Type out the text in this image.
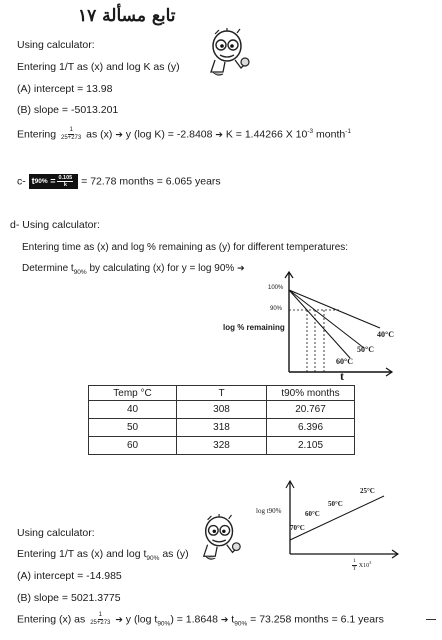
تابع مسألة ١٧
Using calculator:
Entering 1/T as (x) and log K as (y)
(A) intercept = 13.98
(B) slope = -5013.201
Entering $\frac{1}{25+273}$ as (x) ➔ y (log K) = -2.8408 ➔ K = 1.44266 X $10^{-3}$ month$^{-1}$
c- t 90%
= $\frac{0.105}{k} = 72.78$ months = 6.065 years
d- Using calculator:
Entering time as (x) and log % remaining as (y) for different temperatures:
Determine $t_{90\%}$ by calculating (x) for y = log 90% ➔
100%
90%
log % remaining
t
40°C
50°C
60°C
Temp °C	T	t90% months
40	308	20.767
50	318	6.396
60	328	2.105
log t90%
70°C
60°C
50°C
25°C
$\frac{1}{T} X10^3$
Using calculator:
Entering 1/T as (x) and $\log t_{90\%}$ as (y)
(A) intercept = -14.985
(B) slope = 5021.3775
Entering (x) as $\frac{1}{25+273}$ ➔ y (log $t_{90\%}) = 1.8648$ ➔ $t_{90\%} = 73.258$ months = 6.1 years
